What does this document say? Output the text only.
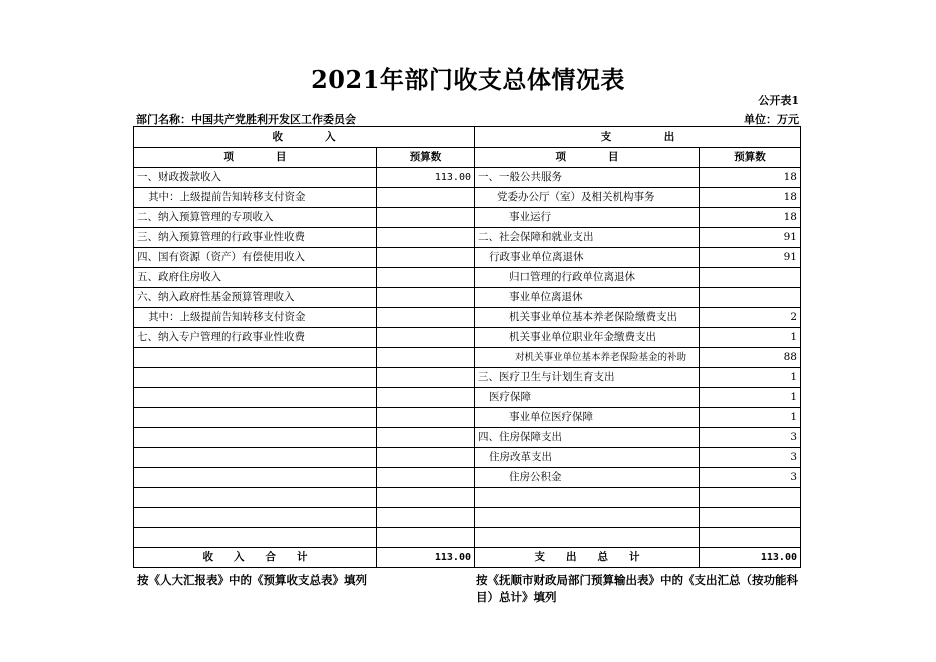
2021年部门收支总体情况表
公开表1
部门名称：中国共产党胜利开发区工作委员会	单位：万元
收　　　　入		支　　　　　出	
项　　　　目	预算数	项　　　　目	预算数
一、财政拨款收入	113.00	一、一般公共服务	18
其中：上级提前告知转移支付资金		党委办公厅（室）及相关机构事务	18
二、纳入预算管理的专项收入		事业运行	18
三、纳入预算管理的行政事业性收费		二、社会保障和就业支出	91
四、国有资源（资产）有偿使用收入		行政事业单位离退休	91
五、政府住房收入		归口管理的行政单位离退休	
六、纳入政府性基金预算管理收入		事业单位离退休	
其中：上级提前告知转移支付资金		机关事业单位基本养老保险缴费支出	2
七、纳入专户管理的行政事业性收费		机关事业单位职业年金缴费支出	1
		对机关事业单位基本养老保险基金的补助	88
		三、医疗卫生与计划生育支出	1
		医疗保障	1
		事业单位医疗保障	1
		四、住房保障支出	3
		住房改革支出	3
		住房公积金	3

收　　入　　合　　计	113.00	支　　出　　总　　计	113.00
按《人大汇报表》中的《预算收支总表》填列	按《抚顺市财政局部门预算输出表》中的《支出汇总（按功能科目）总计》填列
